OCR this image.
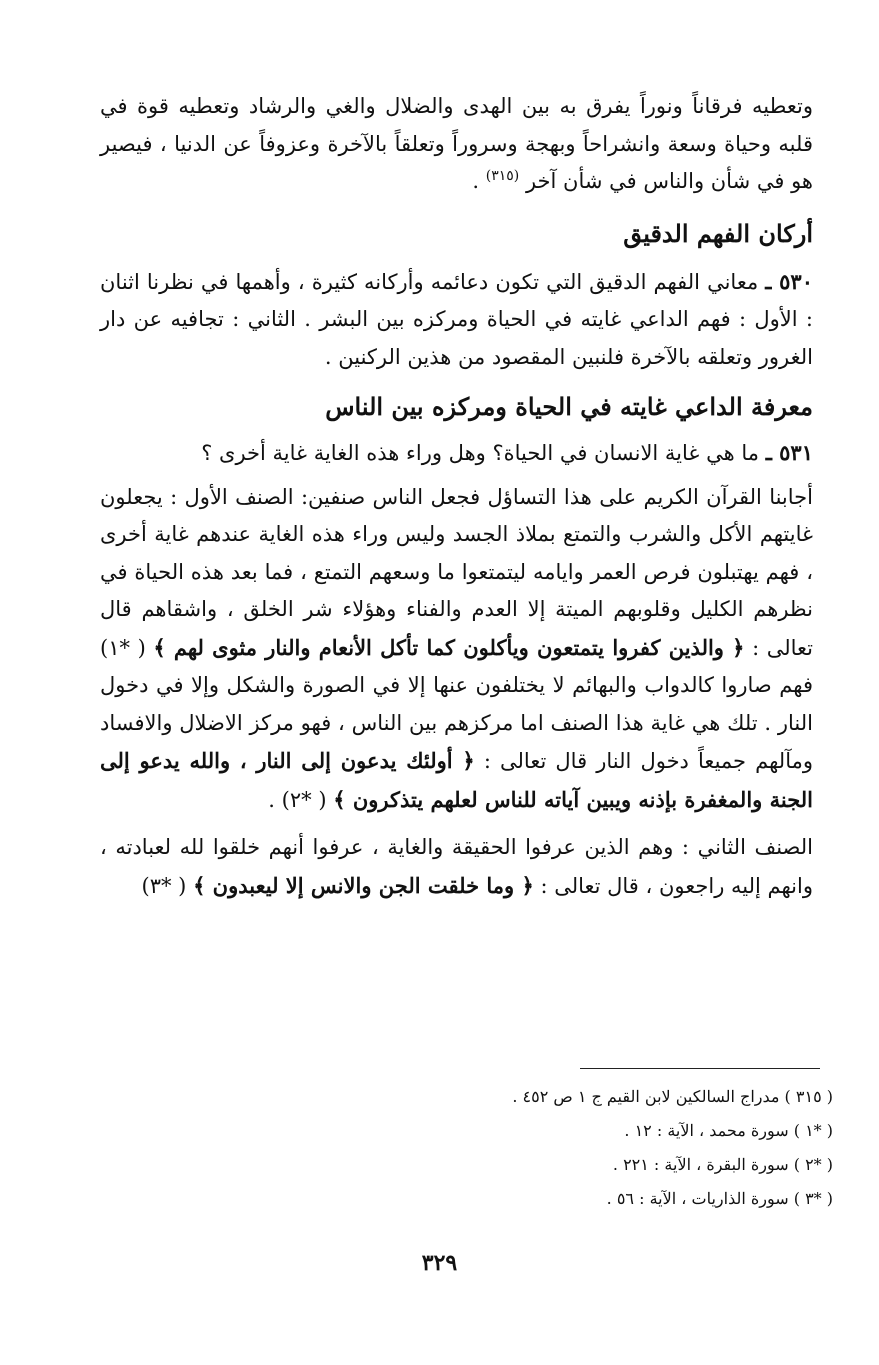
وتعطيه فرقاناً ونوراً يفرق به بين الهدى والضلال والغي والرشاد وتعطيه قوة في قلبه وحياة وسعة وانشراحاً وبهجة وسروراً وتعلقاً بالآخرة وعزوفاً عن الدنيا ، فيصير هو في شأن والناس في شأن آخر $^{(٣١٥)}$ .

أركان الفهم الدقيق

٥٣٠ ـ معاني الفهم الدقيق التي تكون دعائمه وأركانه كثيرة ، وأهمها في نظرنا اثنان : الأول : فهم الداعي غايته في الحياة ومركزه بين البشر . الثاني : تجافيه عن دار الغرور وتعلقه بالآخرة فلنبين المقصود من هذين الركنين .

معرفة الداعي غايته في الحياة ومركزه بين الناس

٥٣١ ـ ما هي غاية الانسان في الحياة؟ وهل وراء هذه الغاية غاية أخرى ؟

أجابنا القرآن الكريم على هذا التساؤل فجعل الناس صنفين: الصنف الأول : يجعلون غايتهم الأكل والشرب والتمتع بملاذ الجسد وليس وراء هذه الغاية عندهم غاية أخرى ، فهم يهتبلون فرص العمر وايامه ليتمتعوا ما وسعهم التمتع ، فما بعد هذه الحياة في نظرهم الكليل وقلوبهم الميتة إلا العدم والفناء وهؤلاء شر الخلق ، واشقاهم قال تعالى : ﴿ والذين كفروا يتمتعون ويأكلون كما تأكل الأنعام والنار مثوى لهم ﴾ ( *١) فهم صاروا كالدواب والبهائم لا يختلفون عنها إلا في الصورة والشكل وإلا في دخول النار . تلك هي غاية هذا الصنف اما مركزهم بين الناس ، فهو مركز الاضلال والافساد ومآلهم جميعاً دخول النار قال تعالى : ﴿ أولئك يدعون إلى النار ، والله يدعو إلى الجنة والمغفرة بإذنه ويبين آياته للناس لعلهم يتذكرون ﴾ ( *٢) .

الصنف الثاني : وهم الذين عرفوا الحقيقة والغاية ، عرفوا أنهم خلقوا لله لعبادته ، وانهم إليه راجعون ، قال تعالى : ﴿ وما خلقت الجن والانس إلا ليعبدون ﴾ ( *٣)

( ٣١٥ ) مدراج السالكين لابن القيم ج ١ ص ٤٥٢ .

( *١ ) سورة محمد ، الآية : ١٢ .

( *٢ ) سورة البقرة ، الآية : ٢٢١ .

( *٣ ) سورة الذاريات ، الآية : ٥٦ .

٣٢٩
